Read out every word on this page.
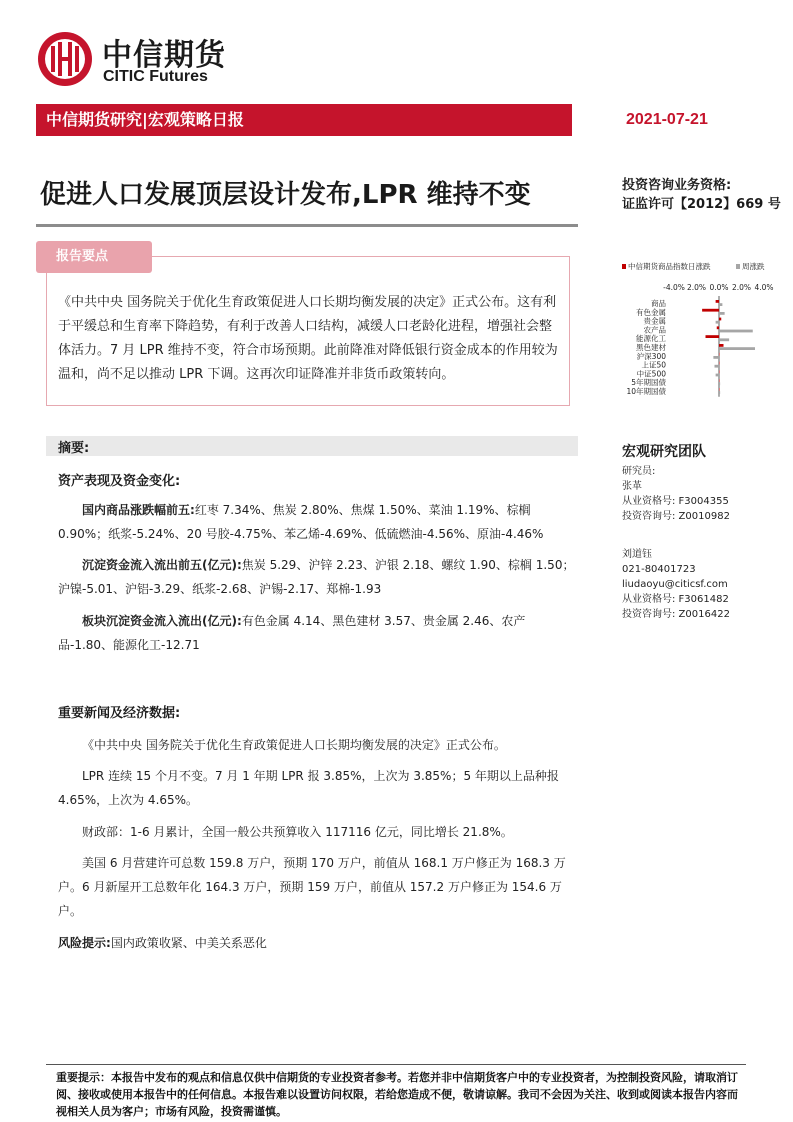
中信期货
CITIC Futures
中信期货研究|宏观策略日报	2021-07-21
促进人口发展顶层设计发布,LPR 维持不变	投资咨询业务资格:
证监许可【2012】669 号
报告要点
《中共中央 国务院关于优化生育政策促进人口长期均衡发展的决定》正式公布。这有利于平缓总和生育率下降趋势，有利于改善人口结构，减缓人口老龄化进程，增强社会整体活力。7 月 LPR 维持不变，符合市场预期。此前降准对降低银行资金成本的作用较为温和，尚不足以推动 LPR 下调。这再次印证降准并非货币政策转向。
中信期货商品指数日涨跌	周涨跌
-4.0% 2.0% 0.0% 2.0% 4.0%
商品
有色金属
贵金属
农产品
能源化工
黑色建材
沪深300
上证50
中证500
5年期国债
10年期国债
摘要:
资产表现及资金变化:
国内商品涨跌幅前五:红枣 7.34%、焦炭 2.80%、焦煤 1.50%、菜油 1.19%、棕榈 0.90%；纸浆-5.24%、20 号胶-4.75%、苯乙烯-4.69%、低硫燃油-4.56%、原油-4.46%
沉淀资金流入流出前五(亿元):焦炭 5.29、沪锌 2.23、沪银 2.18、螺纹 1.90、棕榈 1.50；沪镍-5.01、沪铝-3.29、纸浆-2.68、沪锡-2.17、郑棉-1.93
板块沉淀资金流入流出(亿元):有色金属 4.14、黑色建材 3.57、贵金属 2.46、农产品-1.80、能源化工-12.71
重要新闻及经济数据:
《中共中央 国务院关于优化生育政策促进人口长期均衡发展的决定》正式公布。
LPR 连续 15 个月不变。7 月 1 年期 LPR 报 3.85%，上次为 3.85%；5 年期以上品种报 4.65%，上次为 4.65%。
财政部：1-6 月累计，全国一般公共预算收入 117116 亿元，同比增长 21.8%。
美国 6 月营建许可总数 159.8 万户，预期 170 万户，前值从 168.1 万户修正为 168.3 万户。6 月新屋开工总数年化 164.3 万户，预期 159 万户，前值从 157.2 万户修正为 154.6 万户。
风险提示:国内政策收紧、中美关系恶化
宏观研究团队
研究员:
张革
从业资格号: F3004355
投资咨询号: Z0010982
刘道钰
021-80401723
liudaoyu@citicsf.com
从业资格号: F3061482
投资咨询号: Z0016422
重要提示：本报告中发布的观点和信息仅供中信期货的专业投资者参考。若您并非中信期货客户中的专业投资者，为控制投资风险，请取消订阅、接收或使用本报告中的任何信息。本报告难以设置访问权限，若给您造成不便，敬请谅解。我司不会因为关注、收到或阅读本报告内容而视相关人员为客户；市场有风险，投资需谨慎。
